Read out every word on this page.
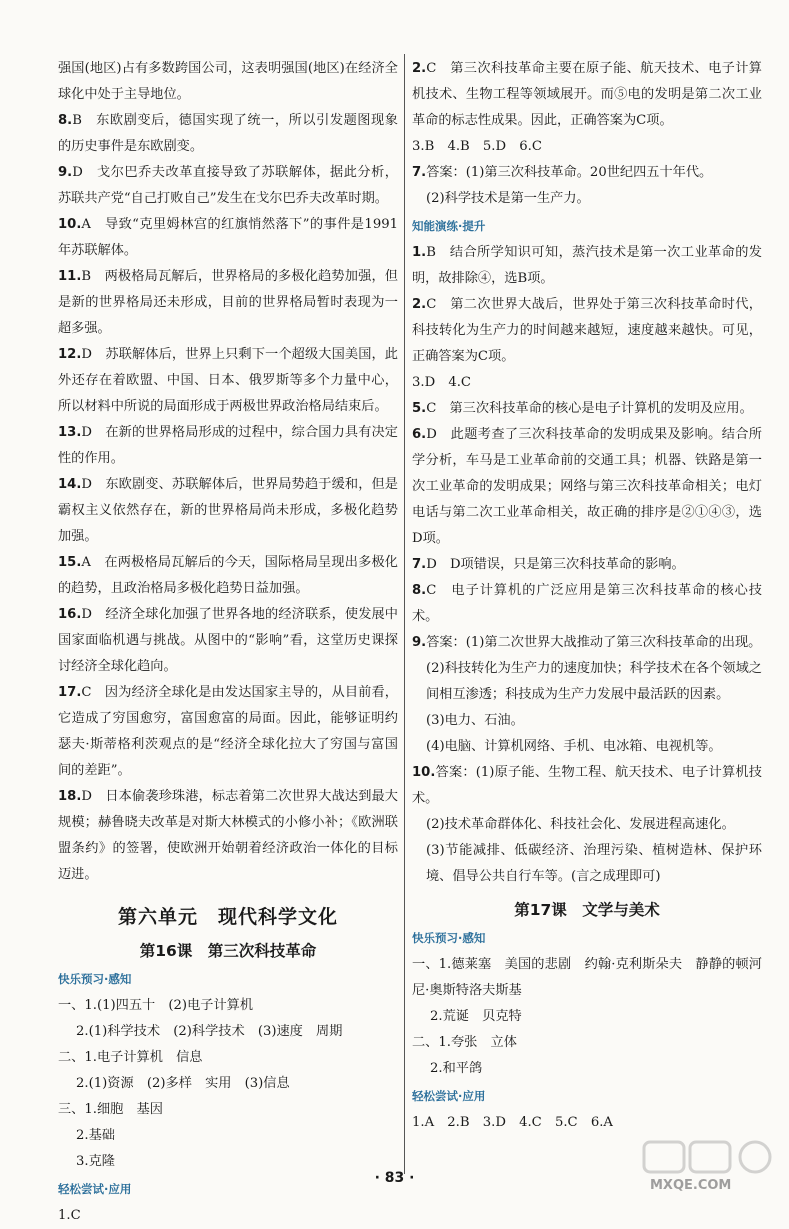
强国(地区)占有多数跨国公司，这表明强国(地区)在经济全球化中处于主导地位。
8.B　东欧剧变后，德国实现了统一，所以引发题图现象的历史事件是东欧剧变。
9.D　戈尔巴乔夫改革直接导致了苏联解体，据此分析，苏联共产党“自己打败自己”发生在戈尔巴乔夫改革时期。
10.A　导致“克里姆林宫的红旗悄然落下”的事件是1991年苏联解体。
11.B　两极格局瓦解后，世界格局的多极化趋势加强，但是新的世界格局还未形成，目前的世界格局暂时表现为一超多强。
12.D　苏联解体后，世界上只剩下一个超级大国美国，此外还存在着欧盟、中国、日本、俄罗斯等多个力量中心，所以材料中所说的局面形成于两极世界政治格局结束后。
13.D　在新的世界格局形成的过程中，综合国力具有决定性的作用。
14.D　东欧剧变、苏联解体后，世界局势趋于缓和，但是霸权主义依然存在，新的世界格局尚未形成，多极化趋势加强。
15.A　在两极格局瓦解后的今天，国际格局呈现出多极化的趋势，且政治格局多极化趋势日益加强。
16.D　经济全球化加强了世界各地的经济联系，使发展中国家面临机遇与挑战。从图中的“影响”看，这堂历史课探讨经济全球化趋向。
17.C　因为经济全球化是由发达国家主导的，从目前看，它造成了穷国愈穷，富国愈富的局面。因此，能够证明约瑟夫·斯蒂格利茨观点的是“经济全球化拉大了穷国与富国间的差距”。
18.D　日本偷袭珍珠港，标志着第二次世界大战达到最大规模；赫鲁晓夫改革是对斯大林模式的小修小补；《欧洲联盟条约》的签署，使欧洲开始朝着经济政治一体化的目标迈进。
第六单元　现代科学文化
第16课　第三次科技革命
快乐预习·感知
一、1.(1)四五十　(2)电子计算机
2.(1)科学技术　(2)科学技术　(3)速度　周期
二、1.电子计算机　信息
2.(1)资源　(2)多样　实用　(3)信息
三、1.细胞　基因
2.基础
3.克隆
轻松尝试·应用
1.C
2.C　第三次科技革命主要在原子能、航天技术、电子计算机技术、生物工程等领域展开。而⑤电的发明是第二次工业革命的标志性成果。因此，正确答案为C项。
3.B　4.B　5.D　6.C
7.答案：(1)第三次科技革命。20世纪四五十年代。
(2)科学技术是第一生产力。
知能演练·提升
1.B　结合所学知识可知，蒸汽技术是第一次工业革命的发明，故排除④，选B项。
2.C　第二次世界大战后，世界处于第三次科技革命时代，科技转化为生产力的时间越来越短，速度越来越快。可见，正确答案为C项。
3.D　4.C
5.C　第三次科技革命的核心是电子计算机的发明及应用。
6.D　此题考查了三次科技革命的发明成果及影响。结合所学分析，车马是工业革命前的交通工具；机器、铁路是第一次工业革命的发明成果；网络与第三次科技革命相关；电灯电话与第二次工业革命相关，故正确的排序是②①④③，选D项。
7.D　D项错误，只是第三次科技革命的影响。
8.C　电子计算机的广泛应用是第三次科技革命的核心技术。
9.答案：(1)第二次世界大战推动了第三次科技革命的出现。
(2)科技转化为生产力的速度加快；科学技术在各个领域之间相互渗透；科技成为生产力发展中最活跃的因素。
(3)电力、石油。
(4)电脑、计算机网络、手机、电冰箱、电视机等。
10.答案：(1)原子能、生物工程、航天技术、电子计算机技术。
(2)技术革命群体化、科技社会化、发展进程高速化。
(3)节能减排、低碳经济、治理污染、植树造林、保护环境、倡导公共自行车等。(言之成理即可)
第17课　文学与美术
快乐预习·感知
一、1.德莱塞　美国的悲剧　约翰·克利斯朵夫　静静的顿河　尼·奥斯特洛夫斯基
2.荒诞　贝克特
二、1.夸张　立体
2.和平鸽
轻松尝试·应用
1.A　2.B　3.D　4.C　5.C　6.A
· 83 ·	MXQE.COM
